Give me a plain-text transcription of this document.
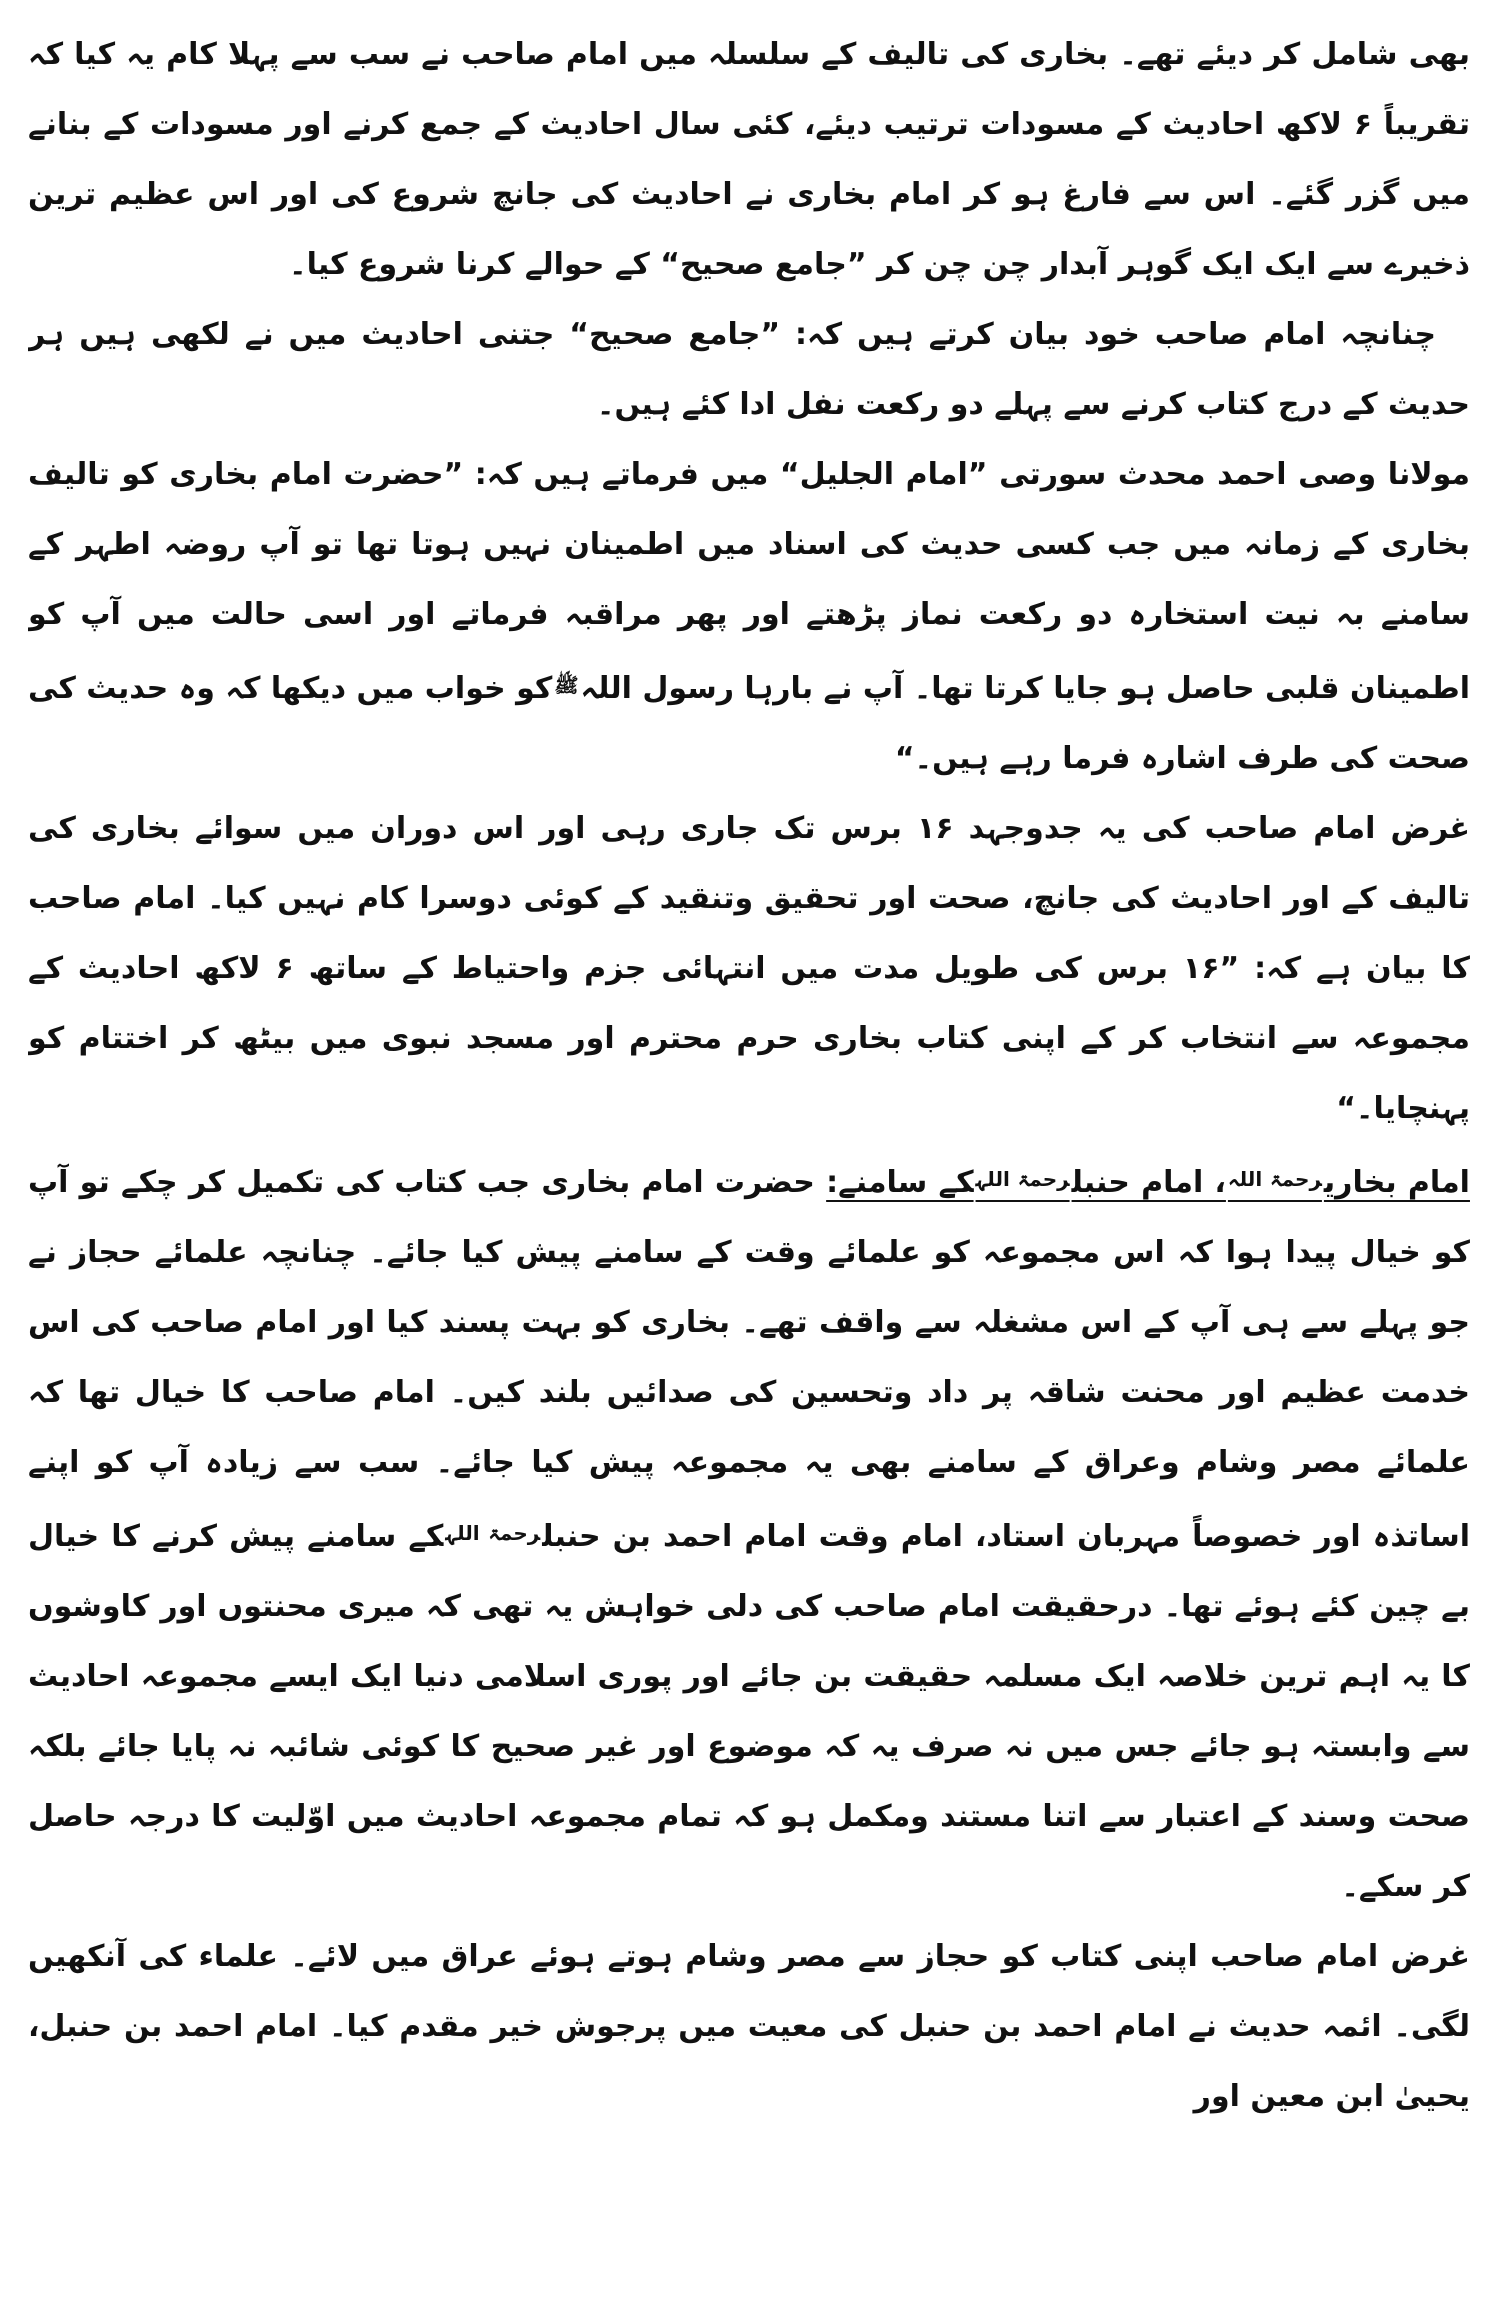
بھی شامل کر دیئے تھے۔ بخاری کی تالیف کے سلسلہ میں امام صاحب نے سب سے پہلا کام یہ کیا کہ تقریباً ۶ لاکھ احادیث کے مسودات ترتیب دیئے، کئی سال احادیث کے جمع کرنے اور مسودات کے بنانے میں گزر گئے۔ اس سے فارغ ہو کر امام بخاری نے احادیث کی جانچ شروع کی اور اس عظیم ترین ذخیرے سے ایک ایک گوہر آبدار چن چن کر ”جامع صحیح“ کے حوالے کرنا شروع کیا۔

چنانچہ امام صاحب خود بیان کرتے ہیں کہ: ”جامع صحیح“ جتنی احادیث میں نے لکھی ہیں ہر حدیث کے درج کتاب کرنے سے پہلے دو رکعت نفل ادا کئے ہیں۔

مولانا وصی احمد محدث سورتی ”امام الجلیل“ میں فرماتے ہیں کہ: ”حضرت امام بخاری کو تالیف بخاری کے زمانہ میں جب کسی حدیث کی اسناد میں اطمینان نہیں ہوتا تھا تو آپ روضہ اطہر کے سامنے بہ نیت استخارہ دو رکعت نماز پڑھتے اور پھر مراقبہ فرماتے اور اسی حالت میں آپ کو اطمینان قلبی حاصل ہو جایا کرتا تھا۔ آپ نے بارہا رسول اللہ$^ﷺ$کو خواب میں دیکھا کہ وہ حدیث کی صحت کی طرف اشارہ فرما رہے ہیں۔“

غرض امام صاحب کی یہ جدوجہد ۱۶ برس تک جاری رہی اور اس دوران میں سوائے بخاری کی تالیف کے اور احادیث کی جانچ، صحت اور تحقیق وتنقید کے کوئی دوسرا کام نہیں کیا۔ امام صاحب کا بیان ہے کہ: ”۱۶ برس کی طویل مدت میں انتہائی جزم واحتیاط کے ساتھ ۶ لاکھ احادیث کے مجموعہ سے انتخاب کر کے اپنی کتاب بخاری حرم محترم اور مسجد نبوی میں بیٹھ کر اختتام کو پہنچایا۔“

امام بخاری$^{رحمۃ اللہ}$، امام حنبل$^{رحمۃ اللہ}$کے سامنے: حضرت امام بخاری جب کتاب کی تکمیل کر چکے تو آپ کو خیال پیدا ہوا کہ اس مجموعہ کو علمائے وقت کے سامنے پیش کیا جائے۔ چنانچہ علمائے حجاز نے جو پہلے سے ہی آپ کے اس مشغلہ سے واقف تھے۔ بخاری کو بہت پسند کیا اور امام صاحب کی اس خدمت عظیم اور محنت شاقہ پر داد وتحسین کی صدائیں بلند کیں۔ امام صاحب کا خیال تھا کہ علمائے مصر وشام وعراق کے سامنے بھی یہ مجموعہ پیش کیا جائے۔ سب سے زیادہ آپ کو اپنے اساتذہ اور خصوصاً مہربان استاد، امام وقت امام احمد بن حنبل$^{رحمۃ اللہ}$کے سامنے پیش کرنے کا خیال بے چین کئے ہوئے تھا۔ درحقیقت امام صاحب کی دلی خواہش یہ تھی کہ میری محنتوں اور کاوشوں کا یہ اہم ترین خلاصہ ایک مسلمہ حقیقت بن جائے اور پوری اسلامی دنیا ایک ایسے مجموعہ احادیث سے وابستہ ہو جائے جس میں نہ صرف یہ کہ موضوع اور غیر صحیح کا کوئی شائبہ نہ پایا جائے بلکہ صحت وسند کے اعتبار سے اتنا مستند ومکمل ہو کہ تمام مجموعہ احادیث میں اوّلیت کا درجہ حاصل کر سکے۔

غرض امام صاحب اپنی کتاب کو حجاز سے مصر وشام ہوتے ہوئے عراق میں لائے۔ علماء کی آنکھیں لگی۔ ائمہ حدیث نے امام احمد بن حنبل کی معیت میں پرجوش خیر مقدم کیا۔ امام احمد بن حنبل، یحییٰ ابن معین اور
